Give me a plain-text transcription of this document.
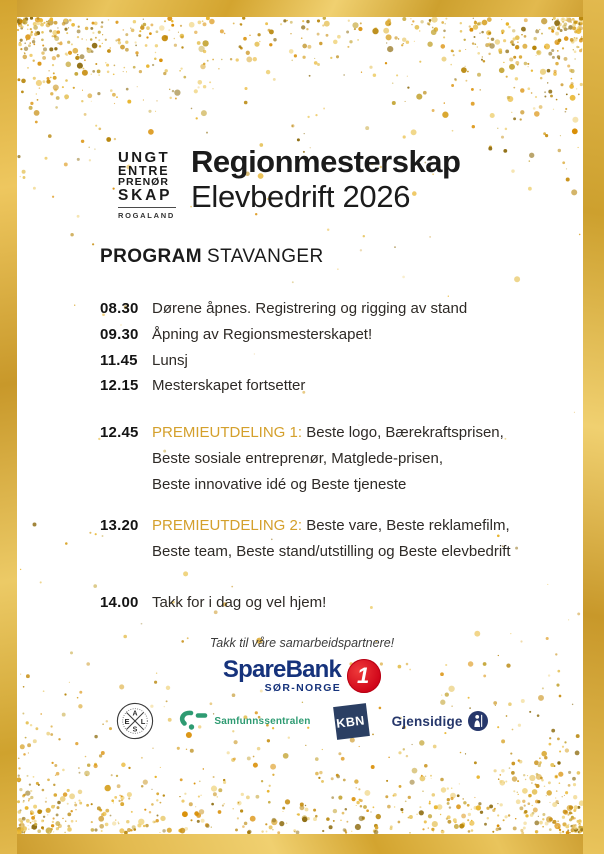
UNGT
ENTRE
PRENØR
SKAP
ROGALAND
Regionmesterskap
Elevbedrift 2026
PROGRAM STAVANGER
08.30 Dørene åpnes. Registrering og rigging av stand
09.30 Åpning av Regionsmesterskapet!
11.45 Lunsj
12.15 Mesterskapet fortsetter
12.45 PREMIEUTDELING 1: Beste logo, Bærekraftsprisen,
Beste sosiale entreprenør, Matglede-prisen,
Beste innovative idé og Beste tjeneste
13.20 PREMIEUTDELING 2: Beste vare, Beste reklamefilm,
Beste team, Beste stand/utstilling og Beste elevbedrift
14.00 Takk for i dag og vel hjem!
Takk til våre samarbeidspartnere!
SpareBank
SØR-NORGE 1
A
E L
S
Samfunnssentralen KBN Gjensidige
